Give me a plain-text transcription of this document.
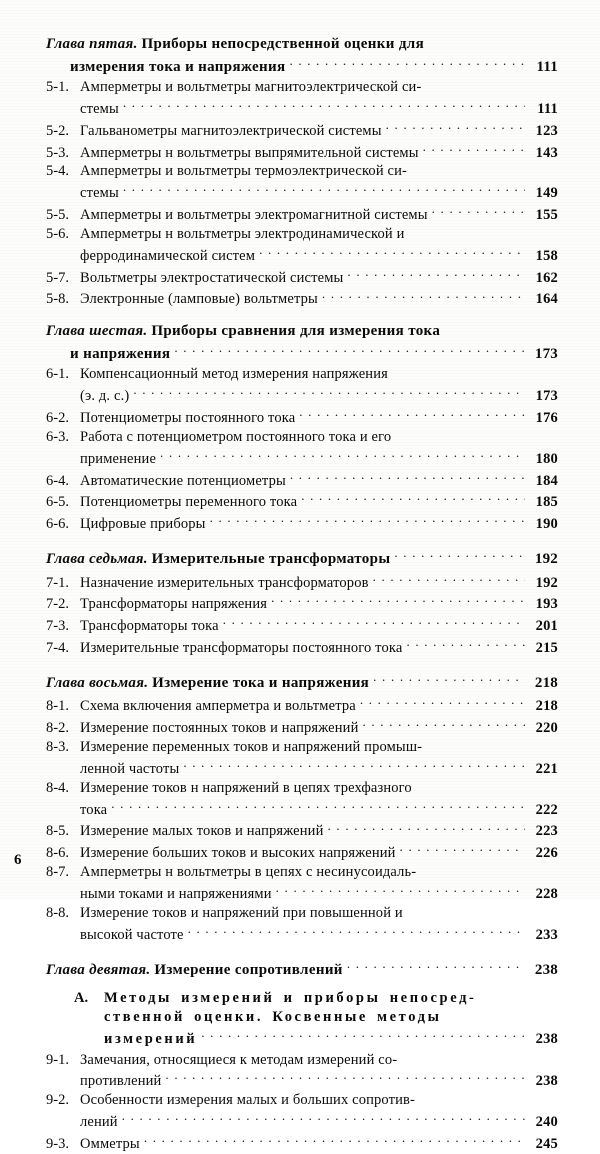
Глава пятая. Приборы непосредственной оценки для
измерения тока и напряжения . . .	111
5-1. Амперметры и вольтметры магнитоэлектрической си-
стемы . . .	111
5-2. Гальванометры магнитоэлектрической системы . . .	123
5-3. Амперметры н вольтметры выпрямительной системы . . .	143
5-4. Амперметры и вольтметры термоэлектрической си-
стемы . . .	149
5-5. Амперметры и вольтметры электромагнитной системы . . .	155
5-6. Амперметры н вольтметры электродинамической и
ферродинамической систем . . .	158
5-7. Вольтметры электростатической системы . . .	162
5-8. Электронные (ламповые) вольтметры . . .	164
Глава шестая. Приборы сравнения для измерения тока
и напряжения . . .	173
6-1. Компенсационный метод измерения напряжения
(э. д. с.) . . .	173
6-2. Потенциометры постоянного тока . . .	176
6-3. Работа с потенциометром постоянного тока и его
применение . . .	180
6-4. Автоматические потенциометры . . .	184
6-5. Потенциометры переменного тока . . .	185
6-6. Цифровые приборы . . .	190
Глава седьмая. Измерительные трансформаторы . . .	192
7-1. Назначение измерительных трансформаторов . . .	192
7-2. Трансформаторы напряжения . . .	193
7-3. Трансформаторы тока . . .	201
7-4. Измерительные трансформаторы постоянного тока . . .	215
Глава восьмая. Измерение тока и напряжения . . .	218
8-1. Схема включения амперметра и вольтметра . . .	218
8-2. Измерение постоянных токов и напряжений . . .	220
8-3. Измерение переменных токов и напряжений промыш-
ленной частоты . . .	221
8-4. Измерение токов н напряжений в цепях трехфазного
тока . . .	222
8-5. Измерение малых токов и напряжений . . .	223
8-6. Измерение больших токов и высоких напряжений . . .	226
8-7. Амперметры н вольтметры в цепях с несинусоидаль-
ными токами и напряжениями . . .	228
8-8. Измерение токов и напряжений при повышенной и
высокой частоте . . .	233
Глава девятая. Измерение сопротивлений . . .	238
А.	Методы измерений и приборы непосред-
ственной оценки. Косвенные методы
измерений . . .	238
9-1. Замечания, относящиеся к методам измерений со-
противлений . . .	238
9-2. Особенности измерения малых и больших сопротив-
лений . . .	240
9-3. Омметры . . .	245
6
